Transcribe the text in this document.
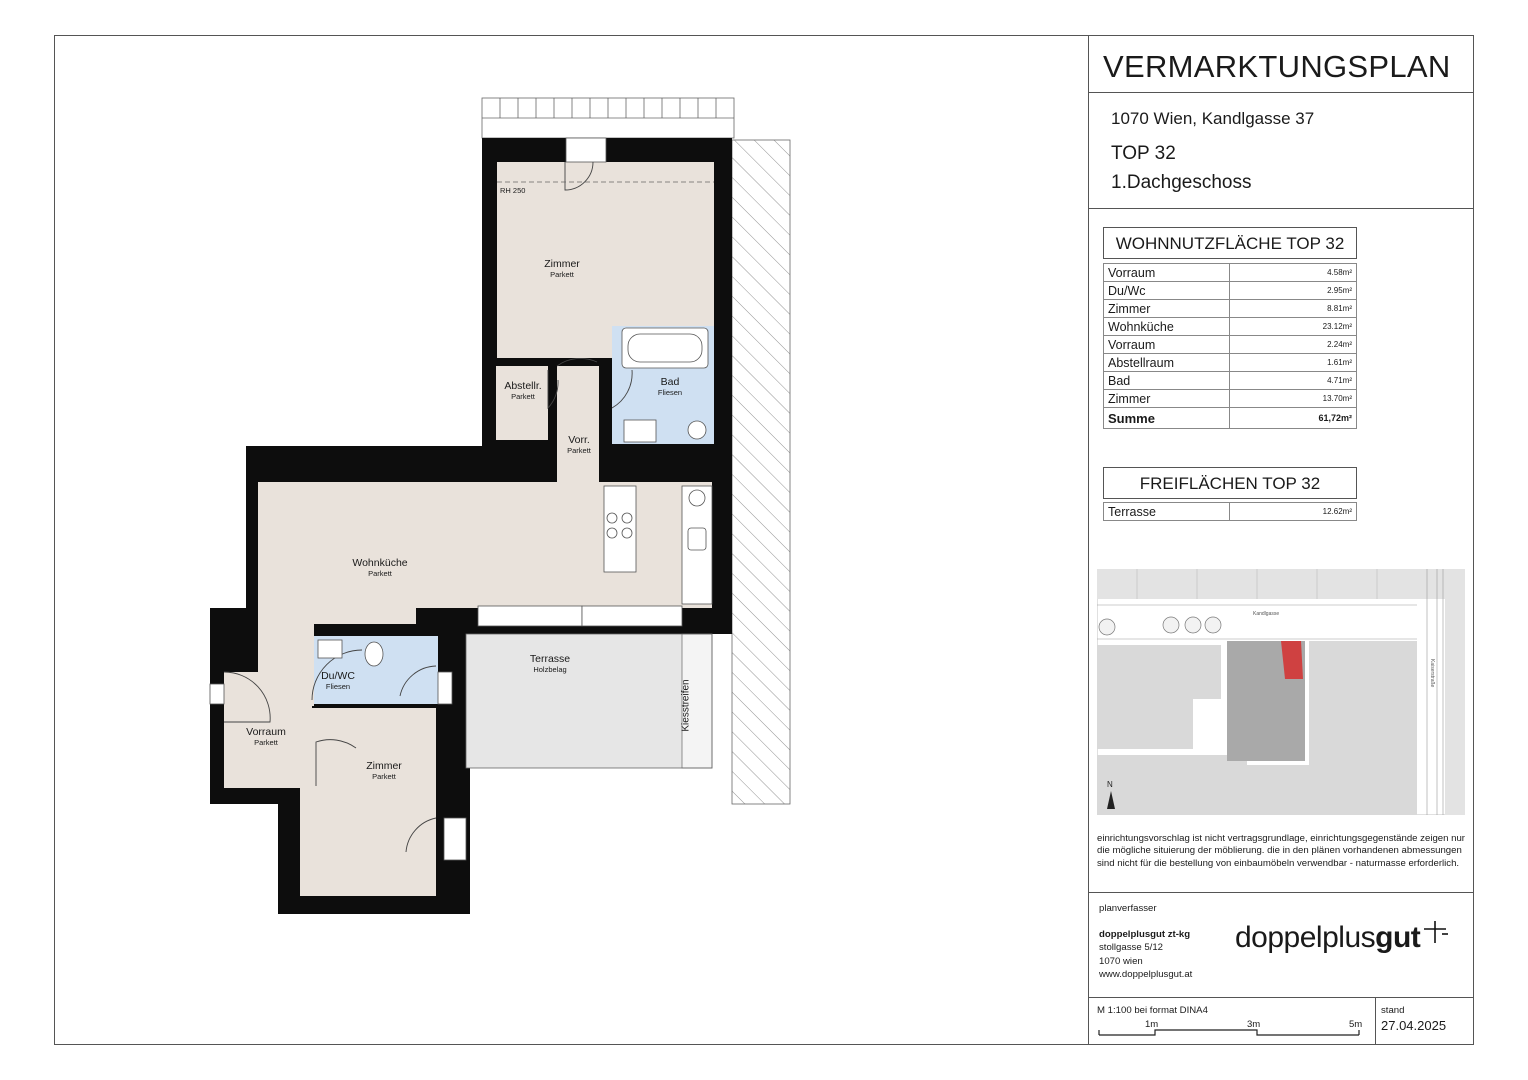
Zimmer
Parkett
RH 250
Abstellr.
Parkett
Bad
Fliesen
Vorr.
Parkett
Wohnküche
Parkett
Terrasse
Holzbelag
Du/WC
Fliesen
Vorraum
Parkett
Zimmer
Parkett
Kiesstreifen
VERMARKTUNGSPLAN
1070 Wien, Kandlgasse 37
TOP 32
1.Dachgeschoss
WOHNNUTZFLÄCHE TOP 32
Vorraum	4.58m²
Du/Wc	2.95m²
Zimmer	8.81m²
Wohnküche	23.12m²
Vorraum	2.24m²
Abstellraum	1.61m²
Bad	4.71m²
Zimmer	13.70m²
Summe	61,72m²
FREIFLÄCHEN TOP 32
Terrasse	12.62m²
Kandlgasse
Kaiserstraße
N
einrichtungsvorschlag ist nicht vertragsgrundlage, einrichtungsgegenstände zeigen nur die mögliche situierung der möblierung. die in den plänen vorhandenen abmessungen sind nicht für die bestellung von einbaumöbeln verwendbar - naturmasse erforderlich.
planverfasser
doppelplusgut zt-kg
stollgasse 5/12
1070 wien
www.doppelplusgut.at
doppelplusgut
M 1:100 bei format DINA4
1m	3m	5m
stand
27.04.2025
